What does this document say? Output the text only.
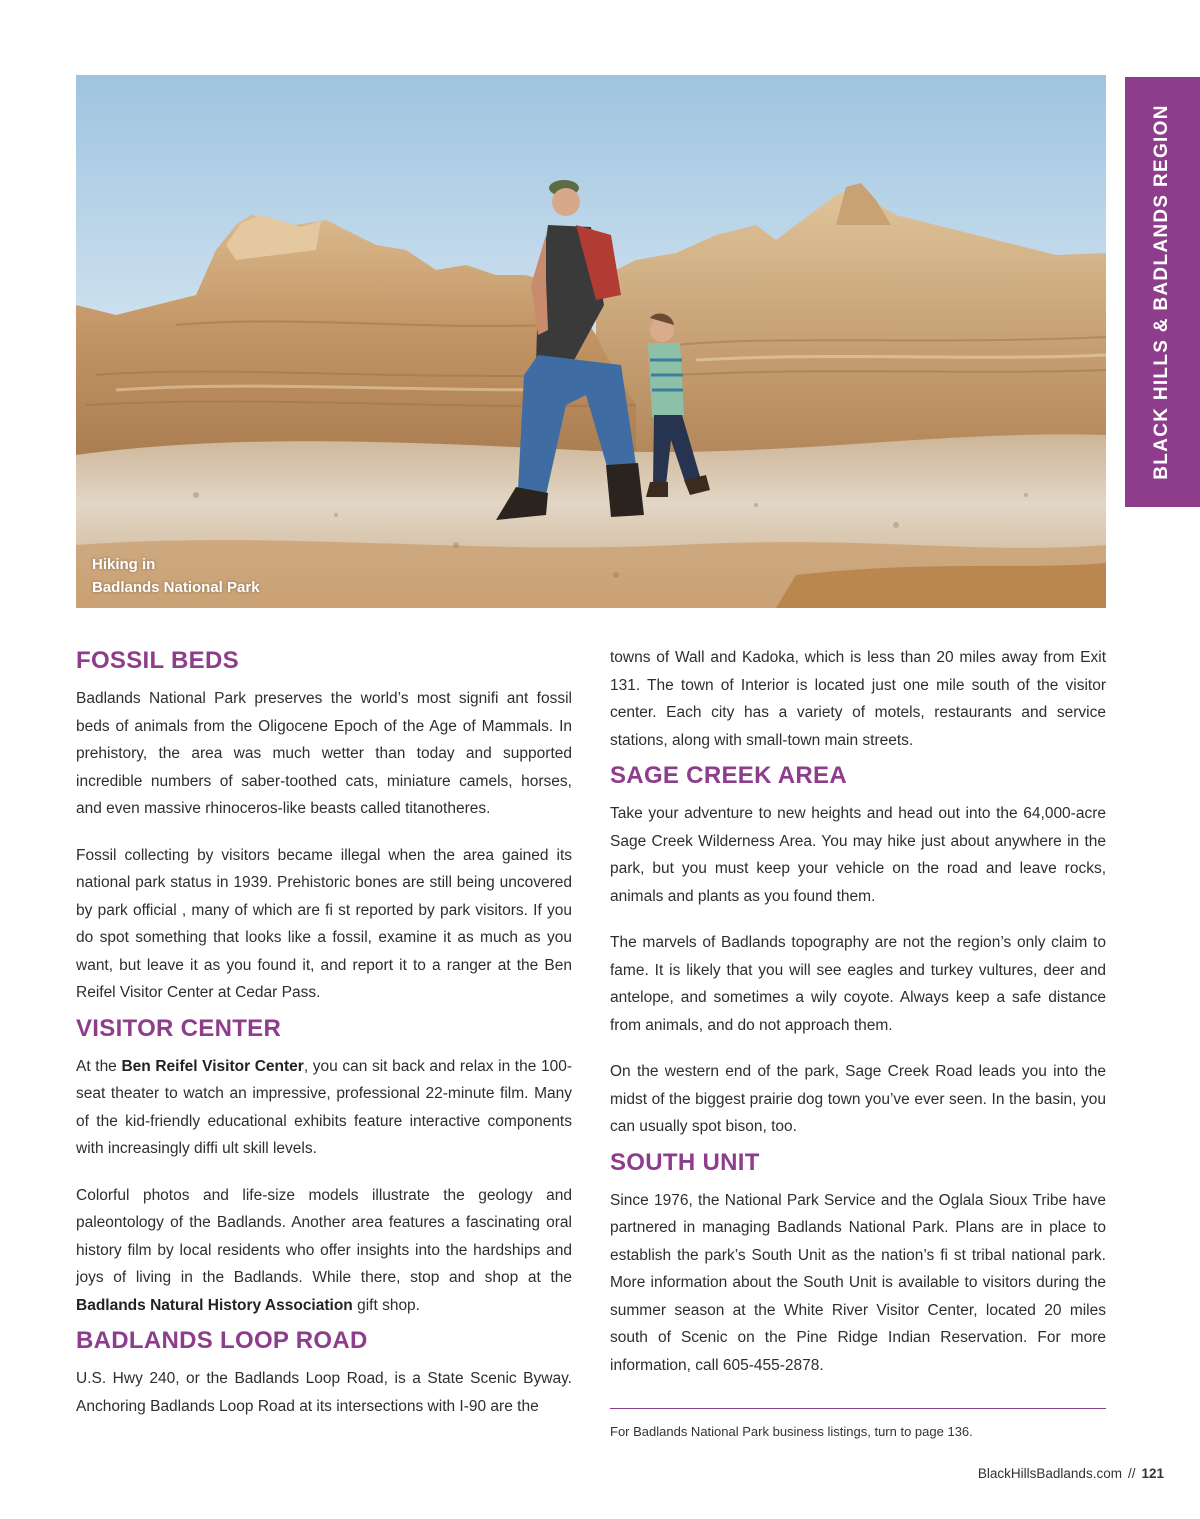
Hiking in
Badlands National Park
BLACK HILLS & BADLANDS REGION
FOSSIL BEDS

Badlands National Park preserves the world’s most signifi ant fossil beds of animals from the Oligocene Epoch of the Age of Mammals. In prehistory, the area was much wetter than today and supported incredible numbers of saber-toothed cats, miniature camels, horses, and even massive rhinoceros-like beasts called titanotheres.

Fossil collecting by visitors became illegal when the area gained its national park status in 1939. Prehistoric bones are still being uncovered by park official , many of which are fi st reported by park visitors. If you do spot something that looks like a fossil, examine it as much as you want, but leave it as you found it, and report it to a ranger at the Ben Reifel Visitor Center at Cedar Pass.

VISITOR CENTER

At the Ben Reifel Visitor Center, you can sit back and relax in the 100-seat theater to watch an impressive, professional 22-minute film. Many of the kid-friendly educational exhibits feature interactive components with increasingly diffi ult skill levels.

Colorful photos and life-size models illustrate the geology and paleontology of the Badlands. Another area features a fascinating oral history film by local residents who offer insights into the hardships and joys of living in the Badlands. While there, stop and shop at the Badlands Natural History Association gift shop.

BADLANDS LOOP ROAD

U.S. Hwy 240, or the Badlands Loop Road, is a State Scenic Byway. Anchoring Badlands Loop Road at its intersections with I-90 are the

towns of Wall and Kadoka, which is less than 20 miles away from Exit 131. The town of Interior is located just one mile south of the visitor center. Each city has a variety of motels, restaurants and service stations, along with small-town main streets.

SAGE CREEK AREA

Take your adventure to new heights and head out into the 64,000-acre Sage Creek Wilderness Area. You may hike just about anywhere in the park, but you must keep your vehicle on the road and leave rocks, animals and plants as you found them.

The marvels of Badlands topography are not the region’s only claim to fame. It is likely that you will see eagles and turkey vultures, deer and antelope, and sometimes a wily coyote. Always keep a safe distance from animals, and do not approach them.

On the western end of the park, Sage Creek Road leads you into the midst of the biggest prairie dog town you’ve ever seen. In the basin, you can usually spot bison, too.

SOUTH UNIT

Since 1976, the National Park Service and the Oglala Sioux Tribe have partnered in managing Badlands National Park. Plans are in place to establish the park’s South Unit as the nation’s fi st tribal national park. More information about the South Unit is available to visitors during the summer season at the White River Visitor Center, located 20 miles south of Scenic on the Pine Ridge Indian Reservation. For more information, call 605-455-2878.

For Badlands National Park business listings, turn to page 136.
BlackHillsBadlands.com // 121
